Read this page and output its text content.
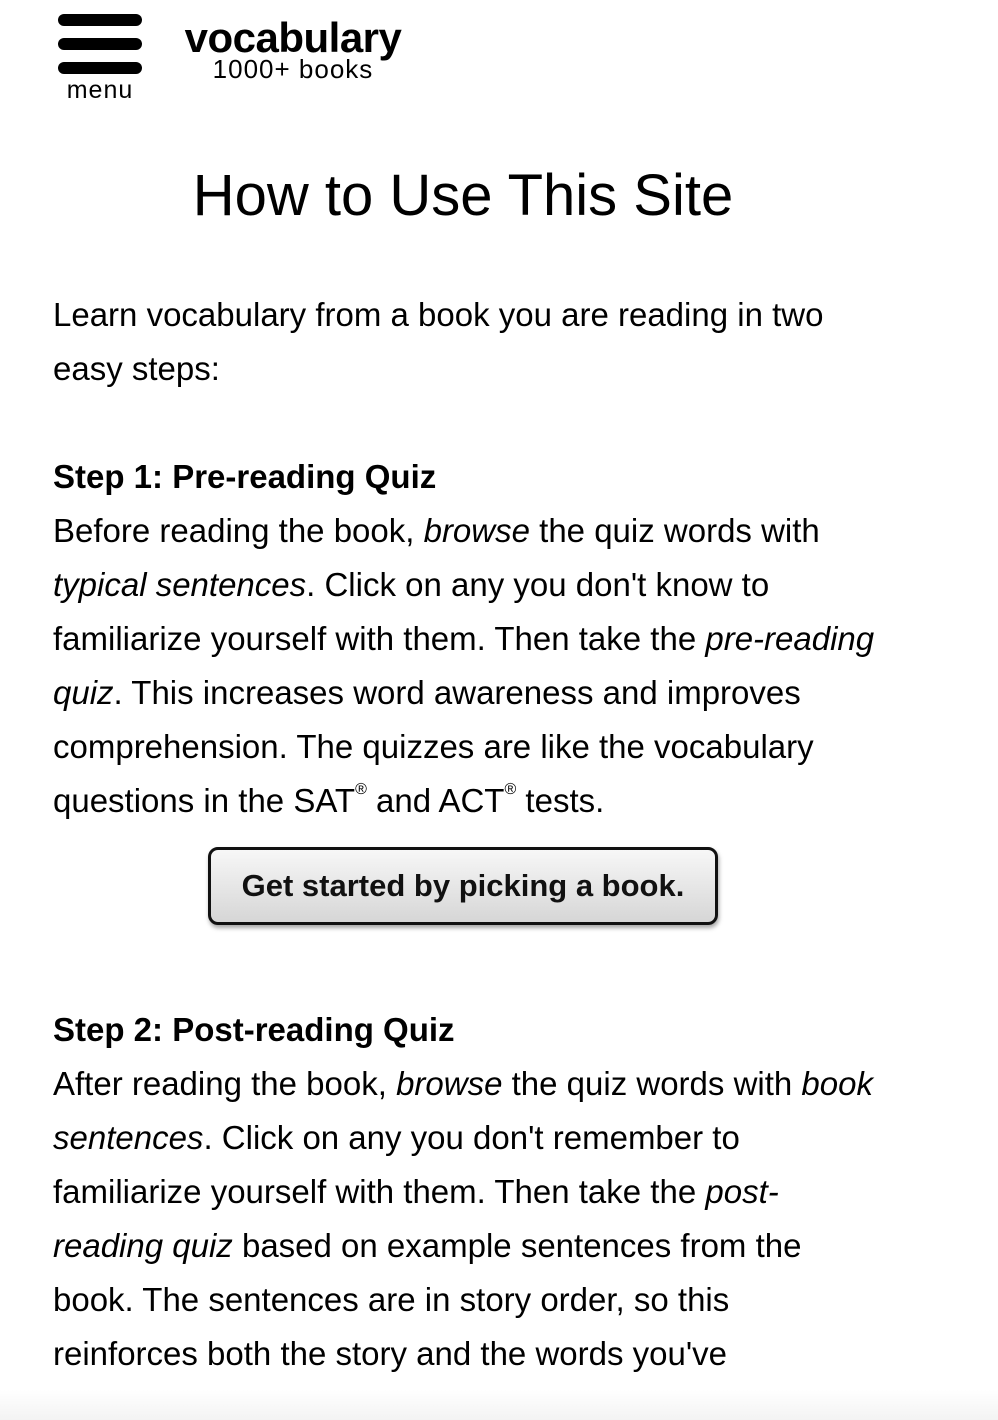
menu
vocabulary
1000+ books
How to Use This Site

Learn vocabulary from a book you are reading in two easy steps:

Step 1: Pre-reading Quiz

Before reading the book, browse the quiz words with typical sentences. Click on any you don't know to familiarize yourself with them. Then take the pre-reading quiz. This increases word awareness and improves comprehension. The quizzes are like the vocabulary questions in the SAT® and ACT® tests.

Get started by picking a book.
Step 2: Post-reading Quiz

After reading the book, browse the quiz words with book sentences. Click on any you don't remember to familiarize yourself with them. Then take the post-reading quiz based on example sentences from the book. The sentences are in story order, so this reinforces both the story and the words you've
